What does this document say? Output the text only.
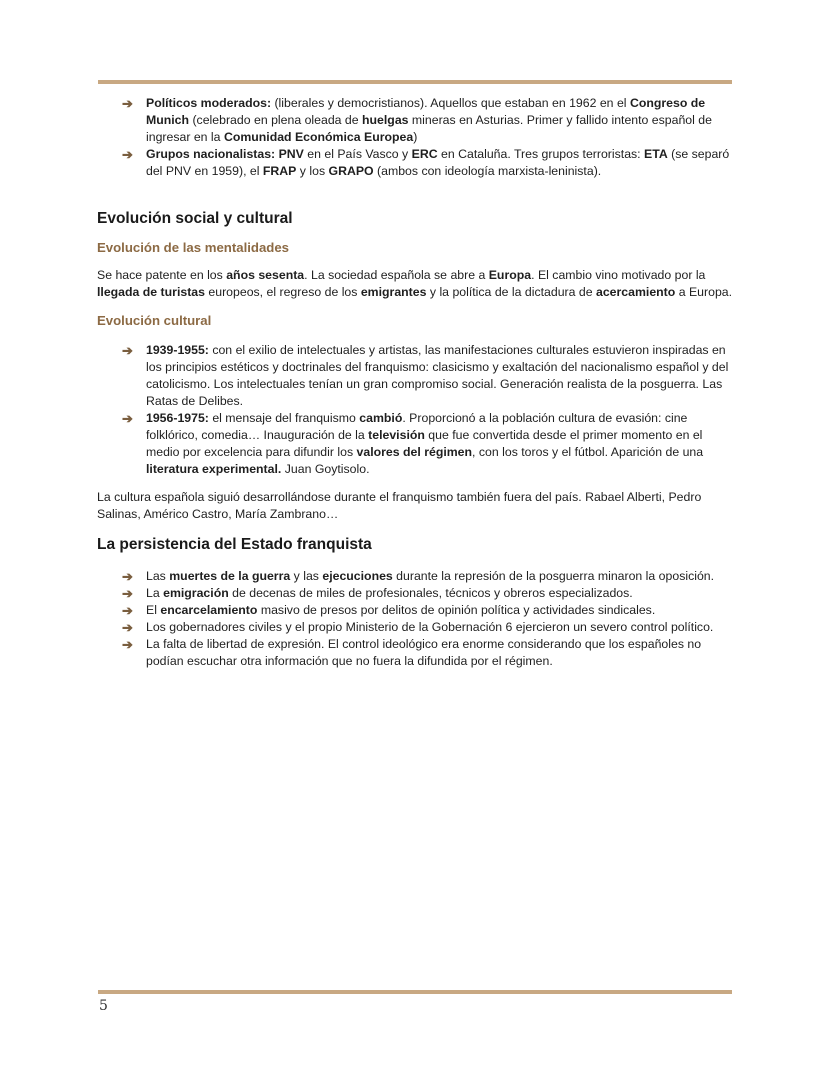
➔ Políticos moderados: (liberales y democristianos). Aquellos que estaban en 1962 en el Congreso de Munich (celebrado en plena oleada de huelgas mineras en Asturias. Primer y fallido intento español de ingresar en la Comunidad Económica Europea)
➔ Grupos nacionalistas: PNV en el País Vasco y ERC en Cataluña. Tres grupos terroristas: ETA (se separó del PNV en 1959), el FRAP y los GRAPO (ambos con ideología marxista-leninista).
Evolución social y cultural
Evolución de las mentalidades

Se hace patente en los años sesenta. La sociedad española se abre a Europa. El cambio vino motivado por la llegada de turistas europeos, el regreso de los emigrantes y la política de la dictadura de acercamiento a Europa.

Evolución cultural
➔ 1939-1955: con el exilio de intelectuales y artistas, las manifestaciones culturales estuvieron inspiradas en los principios estéticos y doctrinales del franquismo: clasicismo y exaltación del nacionalismo español y del catolicismo. Los intelectuales tenían un gran compromiso social. Generación realista de la posguerra. Las Ratas de Delibes.
➔ 1956-1975: el mensaje del franquismo cambió. Proporcionó a la población cultura de evasión: cine folklórico, comedia… Inauguración de la televisión que fue convertida desde el primer momento en el medio por excelencia para difundir los valores del régimen, con los toros y el fútbol. Aparición de una literatura experimental. Juan Goytisolo.

La cultura española siguió desarrollándose durante el franquismo también fuera del país. Rabael Alberti, Pedro Salinas, Américo Castro, María Zambrano…

La persistencia del Estado franquista
➔ Las muertes de la guerra y las ejecuciones durante la represión de la posguerra minaron la oposición.
➔ La emigración de decenas de miles de profesionales, técnicos y obreros especializados.
➔ El encarcelamiento masivo de presos por delitos de opinión política y actividades sindicales.
➔ Los gobernadores civiles y el propio Ministerio de la Gobernación 6 ejercieron un severo control político.
➔ La falta de libertad de expresión. El control ideológico era enorme considerando que los españoles no podían escuchar otra información que no fuera la difundida por el régimen.
5
